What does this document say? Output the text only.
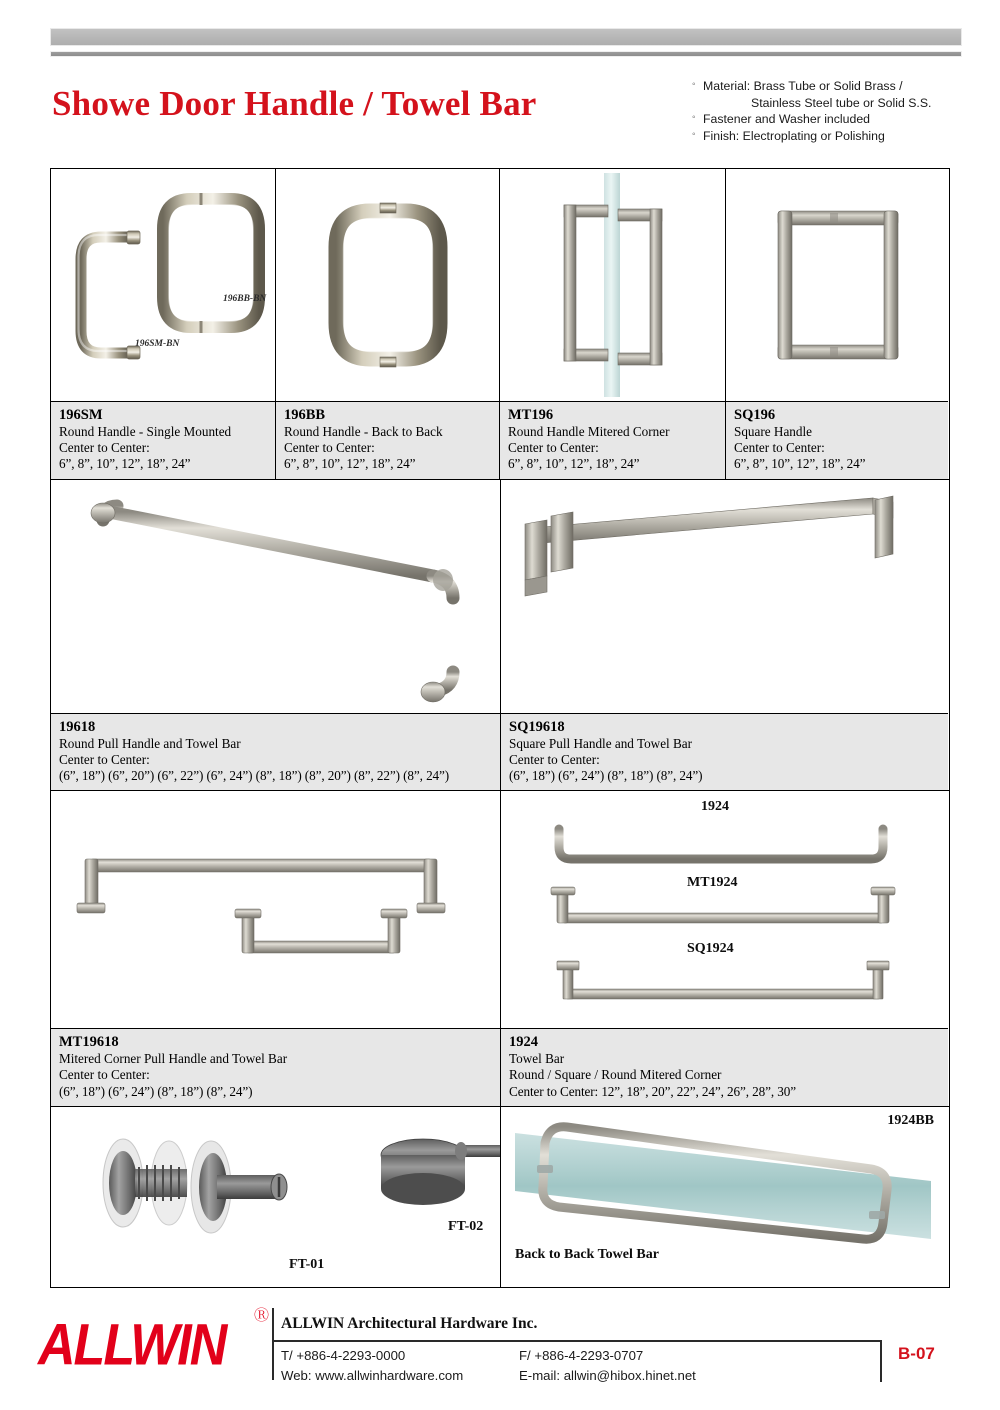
Showe Door Handle / Towel Bar	◦ Material: Brass Tube or Solid Brass /
Stainless Steel tube or Solid S.S.
◦ Fastener and Washer included
◦ Finish: Electroplating or Polishing
196SM-BN
196BB-BN
196SM
Round Handle - Single Mounted
Center to Center:
6”, 8”, 10”, 12”, 18”, 24”
196BB
Round Handle - Back to Back
Center to Center:
6”, 8”, 10”, 12”, 18”, 24”
MT196
Round Handle Mitered Corner
Center to Center:
6”, 8”, 10”, 12”, 18”, 24”
SQ196
Square Handle
Center to Center:
6”, 8”, 10”, 12”, 18”, 24”
19618
Round Pull Handle and Towel Bar
Center to Center:
(6”, 18”) (6”, 20”) (6”, 22”) (6”, 24”) (8”, 18”) (8”, 20”) (8”, 22”) (8”, 24”)
SQ19618
Square Pull Handle and Towel Bar
Center to Center:
(6”, 18”) (6”, 24”) (8”, 18”) (8”, 24”)
MT19618
Mitered Corner Pull Handle and Towel Bar
Center to Center:
(6”, 18”) (6”, 24”) (8”, 18”) (8”, 24”)
1924
MT1924
SQ1924
1924
Towel Bar
Round / Square / Round Mitered Corner
Center to Center: 12”, 18”, 20”, 22”, 24”, 26”, 28”, 30”
FT-01
FT-02
1924BB
Back to Back Towel Bar
ALLWIN Ⓡ ALLWIN Architectural Hardware Inc.
T/ +886-4-2293-0000
Web: www.allwinhardware.com
F/ +886-4-2293-0707
E-mail: allwin@hibox.hinet.net
B-07
